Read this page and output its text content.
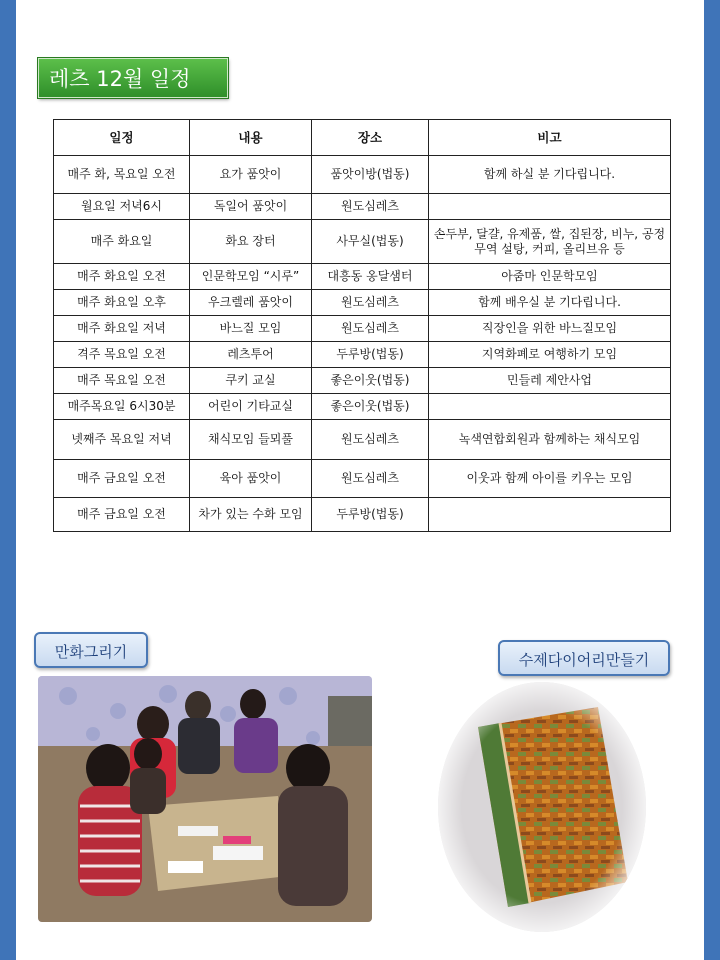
레츠 12월 일정
일정	내용	장소	비고
매주 화, 목요일 오전	요가 품앗이	품앗이방(법동)	함께 하실 분 기다립니다.
월요일 저녁6시	독일어 품앗이	원도심레츠	
매주 화요일	화요 장터	사무실(법동)	손두부, 달걀, 유제품, 쌀, 집된장, 비누, 공정무역 설탕, 커피, 올리브유 등
매주 화요일 오전	인문학모임 “시루”	대흥동 옹달샘터	아줌마 인문학모임
매주 화요일 오후	우크렐레 품앗이	원도심레츠	함께 배우실 분 기다립니다.
매주 화요일 저녁	바느질 모임	원도심레츠	직장인을 위한 바느질모임
격주 목요일 오전	레츠투어	두루방(법동)	지역화폐로 여행하기 모임
매주 목요일 오전	쿠키 교실	좋은이웃(법동)	민들레 제안사업
매주목요일 6시30분	어린이 기타교실	좋은이웃(법동)	
넷째주 목요일 저녁	채식모임 들뫼풀	원도심레츠	녹색연합회원과 함께하는 채식모임
매주 금요일 오전	육아 품앗이	원도심레츠	이웃과 함께 아이를 키우는 모임
매주 금요일 오전	차가 있는 수화 모임	두루방(법동)	
만화그리기	수제다이어리만들기
